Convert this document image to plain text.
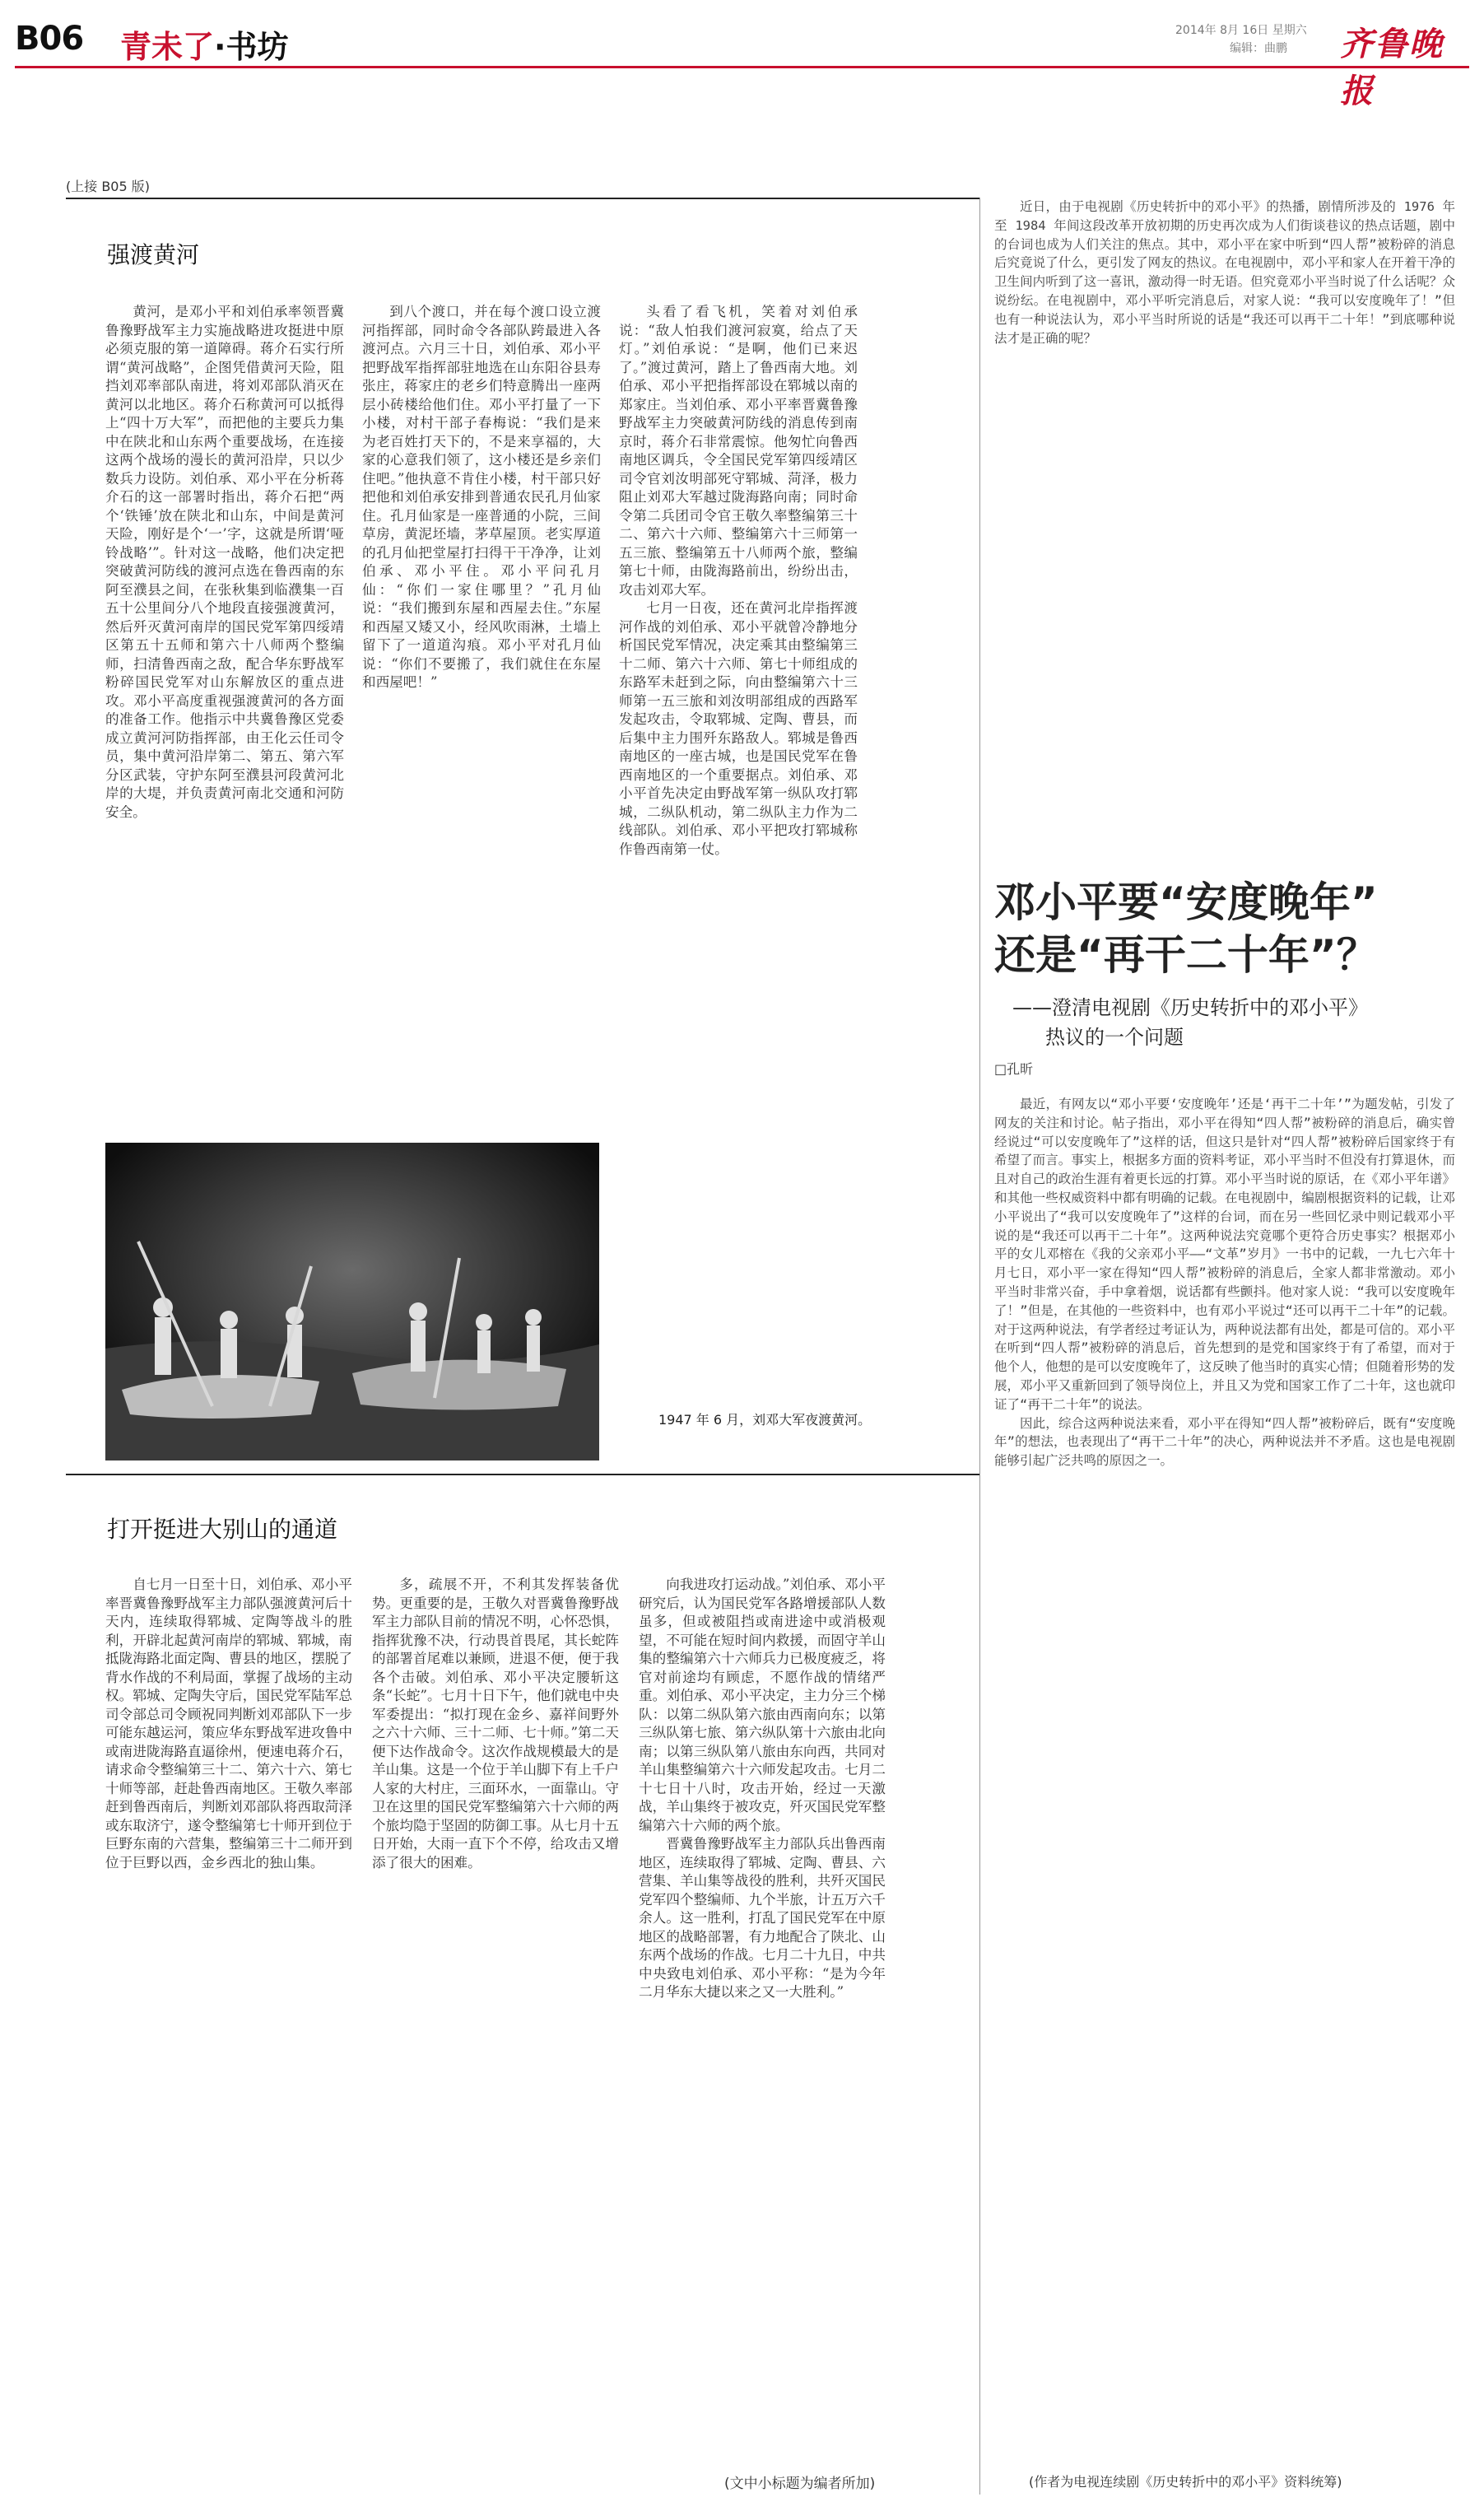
B06 青未了·书坊	2014年 8月 16日 星期六
编辑：曲鹏 齐鲁晚报
(上接 B05 版)
强渡黄河

黄河，是邓小平和刘伯承率领晋冀鲁豫野战军主力实施战略进攻挺进中原必须克服的第一道障碍。蒋介石实行所谓“黄河战略”，企图凭借黄河天险，阻挡刘邓率部队南进，将刘邓部队消灭在黄河以北地区。蒋介石称黄河可以抵得上“四十万大军”，而把他的主要兵力集中在陕北和山东两个重要战场，在连接这两个战场的漫长的黄河沿岸，只以少数兵力设防。刘伯承、邓小平在分析蒋介石的这一部署时指出，蒋介石把“两个‘铁锤’放在陕北和山东，中间是黄河天险，刚好是个‘一’字，这就是所谓‘哑铃战略’”。针对这一战略，他们决定把突破黄河防线的渡河点选在鲁西南的东阿至濮县之间，在张秋集到临濮集一百五十公里间分八个地段直接强渡黄河，然后歼灭黄河南岸的国民党军第四绥靖区第五十五师和第六十八师两个整编师，扫清鲁西南之敌，配合华东野战军粉碎国民党军对山东解放区的重点进攻。邓小平高度重视强渡黄河的各方面的准备工作。他指示中共冀鲁豫区党委成立黄河河防指挥部，由王化云任司令员，集中黄河沿岸第二、第五、第六军分区武装，守护东阿至濮县河段黄河北岸的大堤，并负责黄河南北交通和河防安全。

到八个渡口，并在每个渡口设立渡河指挥部，同时命令各部队跨最进入各渡河点。六月三十日，刘伯承、邓小平把野战军指挥部驻地选在山东阳谷县寿张庄，蒋家庄的老乡们特意腾出一座两层小砖楼给他们住。邓小平打量了一下小楼，对村干部子春梅说：“我们是来为老百姓打天下的，不是来享福的，大家的心意我们领了，这小楼还是乡亲们住吧。”他执意不肯住小楼，村干部只好把他和刘伯承安排到普通农民孔月仙家住。孔月仙家是一座普通的小院，三间草房，黄泥坯墙，茅草屋顶。老实厚道的孔月仙把堂屋打扫得干干净净，让刘伯承、邓小平住。邓小平问孔月仙：“你们一家住哪里？”孔月仙说：“我们搬到东屋和西屋去住。”东屋和西屋又矮又小，经风吹雨淋，土墙上留下了一道道沟痕。邓小平对孔月仙说：“你们不要搬了，我们就住在东屋和西屋吧！”

头看了看飞机，笑着对刘伯承说：“敌人怕我们渡河寂寞，给点了天灯。”刘伯承说：“是啊，他们已来迟了。”渡过黄河，踏上了鲁西南大地。刘伯承、邓小平把指挥部设在郓城以南的郑家庄。当刘伯承、邓小平率晋冀鲁豫野战军主力突破黄河防线的消息传到南京时，蒋介石非常震惊。他匆忙向鲁西南地区调兵，令全国民党军第四绥靖区司令官刘汝明部死守郓城、菏泽，极力阻止刘邓大军越过陇海路向南；同时命令第二兵团司令官王敬久率整编第三十二、第六十六师、整编第六十三师第一五三旅、整编第五十八师两个旅，整编第七十师，由陇海路前出，纷纷出击，攻击刘邓大军。

七月一日夜，还在黄河北岸指挥渡河作战的刘伯承、邓小平就曾冷静地分析国民党军情况，决定乘其由整编第三十二师、第六十六师、第七十师组成的东路军未赶到之际，向由整编第六十三师第一五三旅和刘汝明部组成的西路军发起攻击，令取郓城、定陶、曹县，而后集中主力围歼东路敌人。郓城是鲁西南地区的一座古城，也是国民党军在鲁西南地区的一个重要据点。刘伯承、邓小平首先决定由野战军第一纵队攻打郓城，二纵队机动，第二纵队主力作为二线部队。刘伯承、邓小平把攻打郓城称作鲁西南第一仗。

1947 年 6 月，刘邓大军夜渡黄河。
打开挺进大别山的通道

自七月一日至十日，刘伯承、邓小平率晋冀鲁豫野战军主力部队强渡黄河后十天内，连续取得郓城、定陶等战斗的胜利，开辟北起黄河南岸的郓城、郓城，南抵陇海路北面定陶、曹县的地区，摆脱了背水作战的不利局面，掌握了战场的主动权。郓城、定陶失守后，国民党军陆军总司令部总司令顾祝同判断刘邓部队下一步可能东越运河，策应华东野战军进攻鲁中或南进陇海路直逼徐州，便速电蒋介石，请求命令整编第三十二、第六十六、第七十师等部，赶赴鲁西南地区。王敬久率部赶到鲁西南后，判断刘邓部队将西取菏泽或东取济宁，遂令整编第七十师开到位于巨野东南的六营集，整编第三十二师开到位于巨野以西，金乡西北的独山集。

多，疏展不开，不利其发挥装备优势。更重要的是，王敬久对晋冀鲁豫野战军主力部队目前的情况不明，心怀恐惧，指挥犹豫不决，行动畏首畏尾，其长蛇阵的部署首尾难以兼顾，进退不便，便于我各个击破。刘伯承、邓小平决定腰斩这条“长蛇”。七月十日下午，他们就电中央军委提出：“拟打现在金乡、嘉祥间野外之六十六师、三十二师、七十师。”第二天便下达作战命令。这次作战规模最大的是羊山集。这是一个位于羊山脚下有上千户人家的大村庄，三面环水，一面靠山。守卫在这里的国民党军整编第六十六师的两个旅均隐于坚固的防御工事。从七月十五日开始，大雨一直下个不停，给攻击又增添了很大的困难。

向我进攻打运动战。”刘伯承、邓小平研究后，认为国民党军各路增援部队人数虽多，但或被阻挡或南进途中或消极观望，不可能在短时间内救援，而固守羊山集的整编第六十六师兵力已极度疲乏，将官对前途均有顾虑，不愿作战的情绪严重。刘伯承、邓小平决定，主力分三个梯队：以第二纵队第六旅由西南向东；以第三纵队第七旅、第六纵队第十六旅由北向南；以第三纵队第八旅由东向西，共同对羊山集整编第六十六师发起攻击。七月二十七日十八时，攻击开始，经过一天激战，羊山集终于被攻克，歼灭国民党军整编第六十六师的两个旅。

晋冀鲁豫野战军主力部队兵出鲁西南地区，连续取得了郓城、定陶、曹县、六营集、羊山集等战役的胜利，共歼灭国民党军四个整编师、九个半旅，计五万六千余人。这一胜利，打乱了国民党军在中原地区的战略部署，有力地配合了陕北、山东两个战场的作战。七月二十九日，中共中央致电刘伯承、邓小平称：“是为今年二月华东大捷以来之又一大胜利。”

(文中小标题为编者所加)

近日，由于电视剧《历史转折中的邓小平》的热播，剧情所涉及的 1976 年至 1984 年间这段改革开放初期的历史再次成为人们街谈巷议的热点话题，剧中的台词也成为人们关注的焦点。其中，邓小平在家中听到“四人帮”被粉碎的消息后究竟说了什么，更引发了网友的热议。在电视剧中，邓小平和家人在开着干净的卫生间内听到了这一喜讯，激动得一时无语。但究竟邓小平当时说了什么话呢？众说纷纭。在电视剧中，邓小平听完消息后，对家人说：“我可以安度晚年了！”但也有一种说法认为，邓小平当时所说的话是“我还可以再干二十年！”到底哪种说法才是正确的呢？

邓小平要“安度晚年”
还是“再干二十年”？
——澄清电视剧《历史转折中的邓小平》
热议的一个问题
□孔昕

最近，有网友以“邓小平要‘安度晚年’还是‘再干二十年’”为题发帖，引发了网友的关注和讨论。帖子指出，邓小平在得知“四人帮”被粉碎的消息后，确实曾经说过“可以安度晚年了”这样的话，但这只是针对“四人帮”被粉碎后国家终于有希望了而言。事实上，根据多方面的资料考证，邓小平当时不但没有打算退休，而且对自己的政治生涯有着更长远的打算。邓小平当时说的原话，在《邓小平年谱》和其他一些权威资料中都有明确的记载。在电视剧中，编剧根据资料的记载，让邓小平说出了“我可以安度晚年了”这样的台词，而在另一些回忆录中则记载邓小平说的是“我还可以再干二十年”。这两种说法究竟哪个更符合历史事实？根据邓小平的女儿邓榕在《我的父亲邓小平——“文革”岁月》一书中的记载，一九七六年十月七日，邓小平一家在得知“四人帮”被粉碎的消息后，全家人都非常激动。邓小平当时非常兴奋，手中拿着烟，说话都有些颤抖。他对家人说：“我可以安度晚年了！”但是，在其他的一些资料中，也有邓小平说过“还可以再干二十年”的记载。对于这两种说法，有学者经过考证认为，两种说法都有出处，都是可信的。邓小平在听到“四人帮”被粉碎的消息后，首先想到的是党和国家终于有了希望，而对于他个人，他想的是可以安度晚年了，这反映了他当时的真实心情；但随着形势的发展，邓小平又重新回到了领导岗位上，并且又为党和国家工作了二十年，这也就印证了“再干二十年”的说法。

因此，综合这两种说法来看，邓小平在得知“四人帮”被粉碎后，既有“安度晚年”的想法，也表现出了“再干二十年”的决心，两种说法并不矛盾。这也是电视剧能够引起广泛共鸣的原因之一。

(作者为电视连续剧《历史转折中的邓小平》资料统筹)
